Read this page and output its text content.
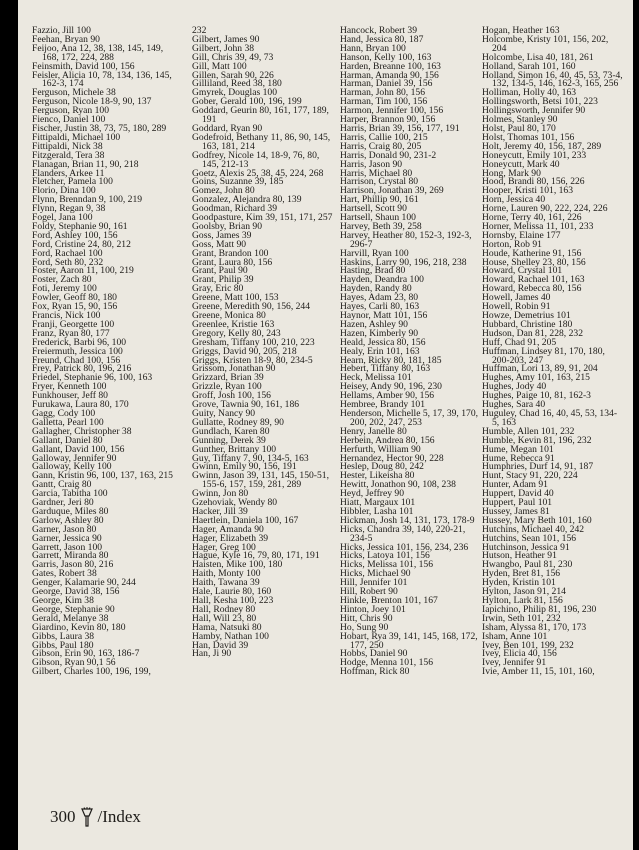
Fazzio, Jill 100
Feehan, Bryan 90
Feijoo, Ana 12, 38, 138, 145, 149, 168, 172, 224, 288
Feinsmith, David 100, 156
Feisler, Alicia 10, 78, 134, 136, 145, 162-3, 174
Ferguson, Michele 38
Ferguson, Nicole 18-9, 90, 137
Ferguson, Ryan 100
Fienco, Daniel 100
Fischer, Justin 38, 73, 75, 180, 289
Fittipaldi, Michael 100
Fittipaldi, Nick 38
Fitzgerald, Tera 38
Flanagan, Brian 11, 90, 218
Flanders, Arkee 11
Fletcher, Pamela 100
Florio, Dina 100
Flynn, Brenndan 9, 100, 219
Flynn, Regan 9, 38
Fogel, Jana 100
Foldy, Stephanie 90, 161
Ford, Ashley 100, 156
Ford, Cristine 24, 80, 212
Ford, Rachael 100
Ford, Seth 80, 232
Foster, Aaron 11, 100, 219
Foster, Zach 80
Foti, Jeremy 100
Fowler, Geoff 80, 180
Fox, Ryan 15, 90, 156
Francis, Nick 100
Franji, Georgette 100
Franz, Ryan 80, 177
Frederick, Barbi 96, 100
Freiermuth, Jessica 100
Freund, Chad 100, 156
Frey, Patrick 80, 196, 216
Friedel, Stephanie 96, 100, 163
Fryer, Kenneth 100
Funkhouser, Jeff 80
Furukawa, Laura 80, 170
Gagg, Cody 100
Galletta, Pearl 100
Gallagher, Christopher 38
Gallant, Daniel 80
Gallant, David 100, 156
Galloway, Jennifer 90
Galloway, Kelly 100
Gann, Kristin 96, 100, 137, 163, 215
Gantt, Craig 80
Garcia, Tabitha 100
Gardner, Jeri 80
Garduque, Miles 80
Garlow, Ashley 80
Garner, Jason 80
Garner, Jessica 90
Garrett, Jason 100
Garrett, Miranda 80
Garris, Jason 80, 216
Gates, Robert 38
Genger, Kalamarie 90, 244
George, David 38, 156
George, Kim 38
George, Stephanie 90
Gerald, Melanye 38
Giardino, Kevin 80, 180
Gibbs, Laura 38
Gibbs, Paul 180
Gibson, Erin 90, 163, 186-7
Gibson, Ryan 90,1 56
Gilbert, Charles 100, 196, 199,
232
Gilbert, James 90
Gilbert, John 38
Gill, Chris 39, 49, 73
Gill, Matt 100
Gillen, Sarah 90, 226
Gilliland, Reed 38, 180
Gmyrek, Douglas 100
Gober, Gerald 100, 196, 199
Goddard, Geurin 80, 161, 177, 189, 191
Goddard, Ryan 90
Godefroid, Bethany 11, 86, 90, 145, 163, 181, 214
Godfrey, Nicole 14, 18-9, 76, 80, 145, 212-13
Goetz, Alexis 25, 38, 45, 224, 268
Goins, Suzanne 39, 185
Gomez, John 80
Gonzalez, Alejandra 80, 139
Goodman, Richard 39
Goodpasture, Kim 39, 151, 171, 257
Goolsby, Brian 90
Goss, James 39
Goss, Matt 90
Grant, Brandon 100
Grant, Laura 80, 156
Grant, Paul 90
Grant, Philip 39
Gray, Eric 80
Greene, Matt 100, 153
Greene, Meredith 90, 156, 244
Greene, Monica 80
Greenlee, Kristie 163
Gregory, Kelly 80, 243
Gresham, Tiffany 100, 210, 223
Griggs, David 90, 205, 218
Griggs, Kristen 18-9, 80, 234-5
Grissom, Jonathan 90
Grizzard, Brian 39
Grizzle, Ryan 100
Groff, Josh 100, 156
Grove, Tawnia 90, 161, 186
Guity, Nancy 90
Gullatte, Rodney 89, 90
Gundlach, Karen 80
Gunning, Derek 39
Gunther, Brittany 100
Guy, Tiffany 7, 90, 134-5, 163
Gwinn, Emily 90, 156, 191
Gwinn, Jason 39, 131, 145, 150-51, 155-6, 157, 159, 281, 289
Gwinn, Jon 80
Gzehoviak, Wendy 80
Hacker, Jill 39
Haertlein, Daniela 100, 167
Hager, Amanda 90
Hager, Elizabeth 39
Hager, Greg 100
Hague, Kyle 16, 79, 80, 171, 191
Haisten, Mike 100, 180
Haith, Monty 100
Haith, Tawana 39
Hale, Laurie 80, 160
Hall, Kesha 100, 223
Hall, Rodney 80
Hall, Will 23, 80
Hama, Natsuki 80
Hamby, Nathan 100
Han, David 39
Han, Ji 90
Hancock, Robert 39
Hand, Jessica 80, 187
Hann, Bryan 100
Hanson, Kelly 100, 163
Harden, Breanne 100, 163
Harman, Amanda 90, 156
Harman, Daniel 39, 156
Harman, John 80, 156
Harman, Tim 100, 156
Harmon, Jennifer 100, 156
Harper, Brannon 90, 156
Harris, Brian 39, 156, 177, 191
Harris, Callie 100, 215
Harris, Craig 80, 205
Harris, Donald 90, 231-2
Harris, Jason 90
Harris, Michael 80
Harrison, Crystal 80
Harrison, Jonathan 39, 269
Hart, Phillip 90, 161
Hartsell, Scott 90
Hartsell, Shaun 100
Harvey, Beth 39, 258
Harvey, Heather 80, 152-3, 192-3, 296-7
Harvill, Ryan 100
Haskins, Larry 90, 196, 218, 238
Hasting, Brad 80
Hayden, Deandra 100
Hayden, Randy 80
Hayes, Adam 23, 80
Hayes, Carli 80, 163
Haynor, Matt 101, 156
Hazen, Ashley 90
Hazen, Kimberly 90
Heald, Jessica 80, 156
Healy, Erin 101, 163
Hearn, Ricky 80, 181, 185
Hebert, Tiffany 80, 163
Heck, Melissa 101
Heisey, Andy 90, 196, 230
Hellams, Amber 90, 156
Hembree, Brandy 101
Henderson, Michelle 5, 17, 39, 170, 200, 202, 247, 253
Henry, Janelle 80
Herbein, Andrea 80, 156
Herfurth, William 90
Hernandez, Hector 90, 228
Heslep, Doug 80, 242
Hester, Likeisha 80
Hewitt, Jonathon 90, 108, 238
Heyd, Jeffrey 90
Hiatt, Margaux 101
Hibbler, Lasha 101
Hickman, Josh 14, 131, 173, 178-9
Hicks, Chandra 39, 140, 220-21, 234-5
Hicks, Jessica 101, 156, 234, 236
Hicks, Latoya 101, 156
Hicks, Melissa 101, 156
Hicks, Michael 90
Hill, Jennifer 101
Hill, Robert 90
Hinkle, Brenton 101, 167
Hinton, Joey 101
Hitt, Chris 90
Ho, Sung 90
Hobart, Rya 39, 141, 145, 168, 172, 177, 250
Hobbs, Daniel 90
Hodge, Menna 101, 156
Hoffman, Rick 80
Hogan, Heather 163
Holcombe, Kristy 101, 156, 202, 204
Holcombe, Lisa 40, 181, 261
Holland, Sarah 101, 160
Holland, Simon 16, 40, 45, 53, 73-4, 132, 134-5, 146, 162-3, 165, 256
Holliman, Holly 40, 163
Hollingsworth, Betsi 101, 223
Hollingsworth, Jennifer 90
Holmes, Stanley 90
Holst, Paul 80, 170
Holst, Thomas 101, 156
Holt, Jeremy 40, 156, 187, 289
Honeycutt, Emily 101, 233
Honeycutt, Mark 40
Hong, Mark 90
Hood, Brandi 80, 156, 226
Hooper, Kristi 101, 163
Horn, Jessica 40
Horne, Lauren 90, 222, 224, 226
Horne, Terry 40, 161, 226
Horner, Melissa 11, 101, 233
Hornsby, Elaine 177
Horton, Rob 91
Houde, Katherine 91, 156
House, Shelley 23, 80, 156
Howard, Crystal 101
Howard, Rachael 101, 163
Howard, Rebecca 80, 156
Howell, James 40
Howell, Robin 91
Howze, Demetrius 101
Hubbard, Christine 180
Hudson, Dan 81, 228, 232
Huff, Chad 91, 205
Huffman, Lindsey 81, 170, 180, 200-203, 247
Huffman, Lori 13, 89, 91, 204
Hughes, Amy 101, 163, 215
Hughes, Jody 40
Hughes, Paige 10, 81, 162-3
Hughes, Sara 40
Huguley, Chad 16, 40, 45, 53, 134-5, 163
Humble, Allen 101, 232
Humble, Kevin 81, 196, 232
Hume, Megan 101
Hume, Rebecca 91
Humphries, Durf 14, 91, 187
Hunt, Stacy 91, 220, 224
Hunter, Adam 91
Huppert, David 40
Huppert, Paul 101
Hussey, James 81
Hussey, Mary Beth 101, 160
Hutchins, Michael 40, 242
Hutchins, Sean 101, 156
Hutchinson, Jessica 91
Hutson, Heather 91
Hwangbo, Paul 81, 230
Hyden, Bret 81, 156
Hyden, Kristin 101
Hylton, Jason 91, 214
Hylton, Lark 81, 156
Iapichino, Philip 81, 196, 230
Irwin, Seth 101, 232
Isham, Alyssa 81, 170, 173
Isham, Anne 101
Ivey, Ben 101, 199, 232
Ivey, Elicia 40, 156
Ivey, Jennifer 91
Ivie, Amber 11, 15, 101, 160,
300 /Index
